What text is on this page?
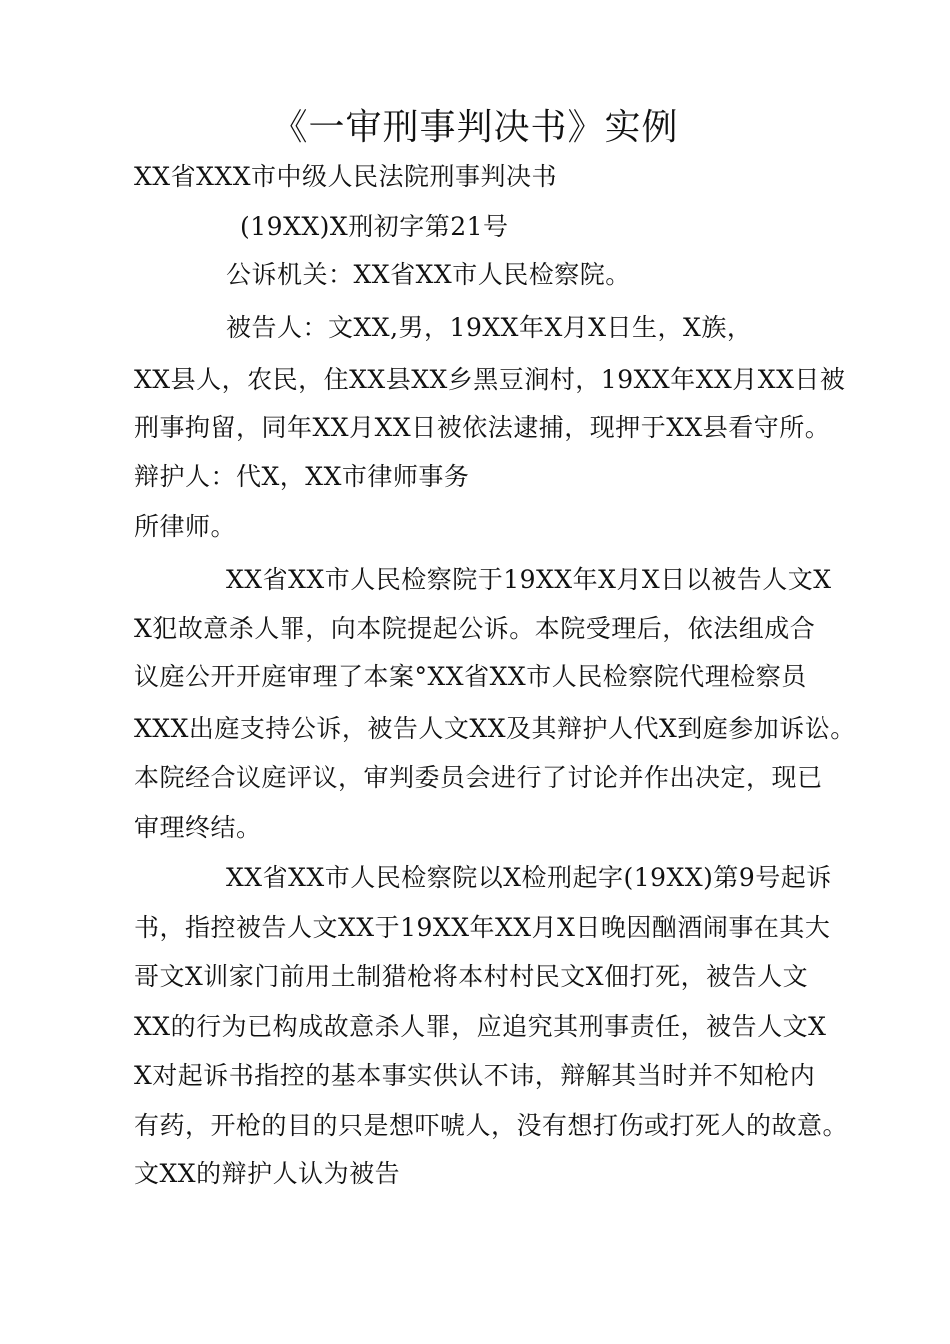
《一审刑事判决书》实例
XX省XXX市中级人民法院刑事判决书
(19XX)X刑初字第21号
公诉机关：XX省XX市人民检察院。
被告人：文XX,男，19XX年X月X日生，X族，
XX县人，农民，住XX县XX乡黑豆涧村，19XX年XX月XX日被
刑事拘留，同年XX月XX日被依法逮捕，现押于XX县看守所。
辩护人：代X，XX市律师事务
所律师。
XX省XX市人民检察院于19XX年X月X日以被告人文X
X犯故意杀人罪，向本院提起公诉。本院受理后，依法组成合
议庭公开开庭审理了本案°XX省XX市人民检察院代理检察员
XXX出庭支持公诉，被告人文XX及其辩护人代X到庭参加诉讼。
本院经合议庭评议，审判委员会进行了讨论并作出决定，现已
审理终结。
XX省XX市人民检察院以X检刑起字(19XX)第9号起诉
书，指控被告人文XX于19XX年XX月X日晚因酗酒闹事在其大
哥文X训家门前用土制猎枪将本村村民文X佃打死，被告人文
XX的行为已构成故意杀人罪，应追究其刑事责任，被告人文X
X对起诉书指控的基本事实供认不讳，辩解其当时并不知枪内
有药，开枪的目的只是想吓唬人，没有想打伤或打死人的故意。
文XX的辩护人认为被告
